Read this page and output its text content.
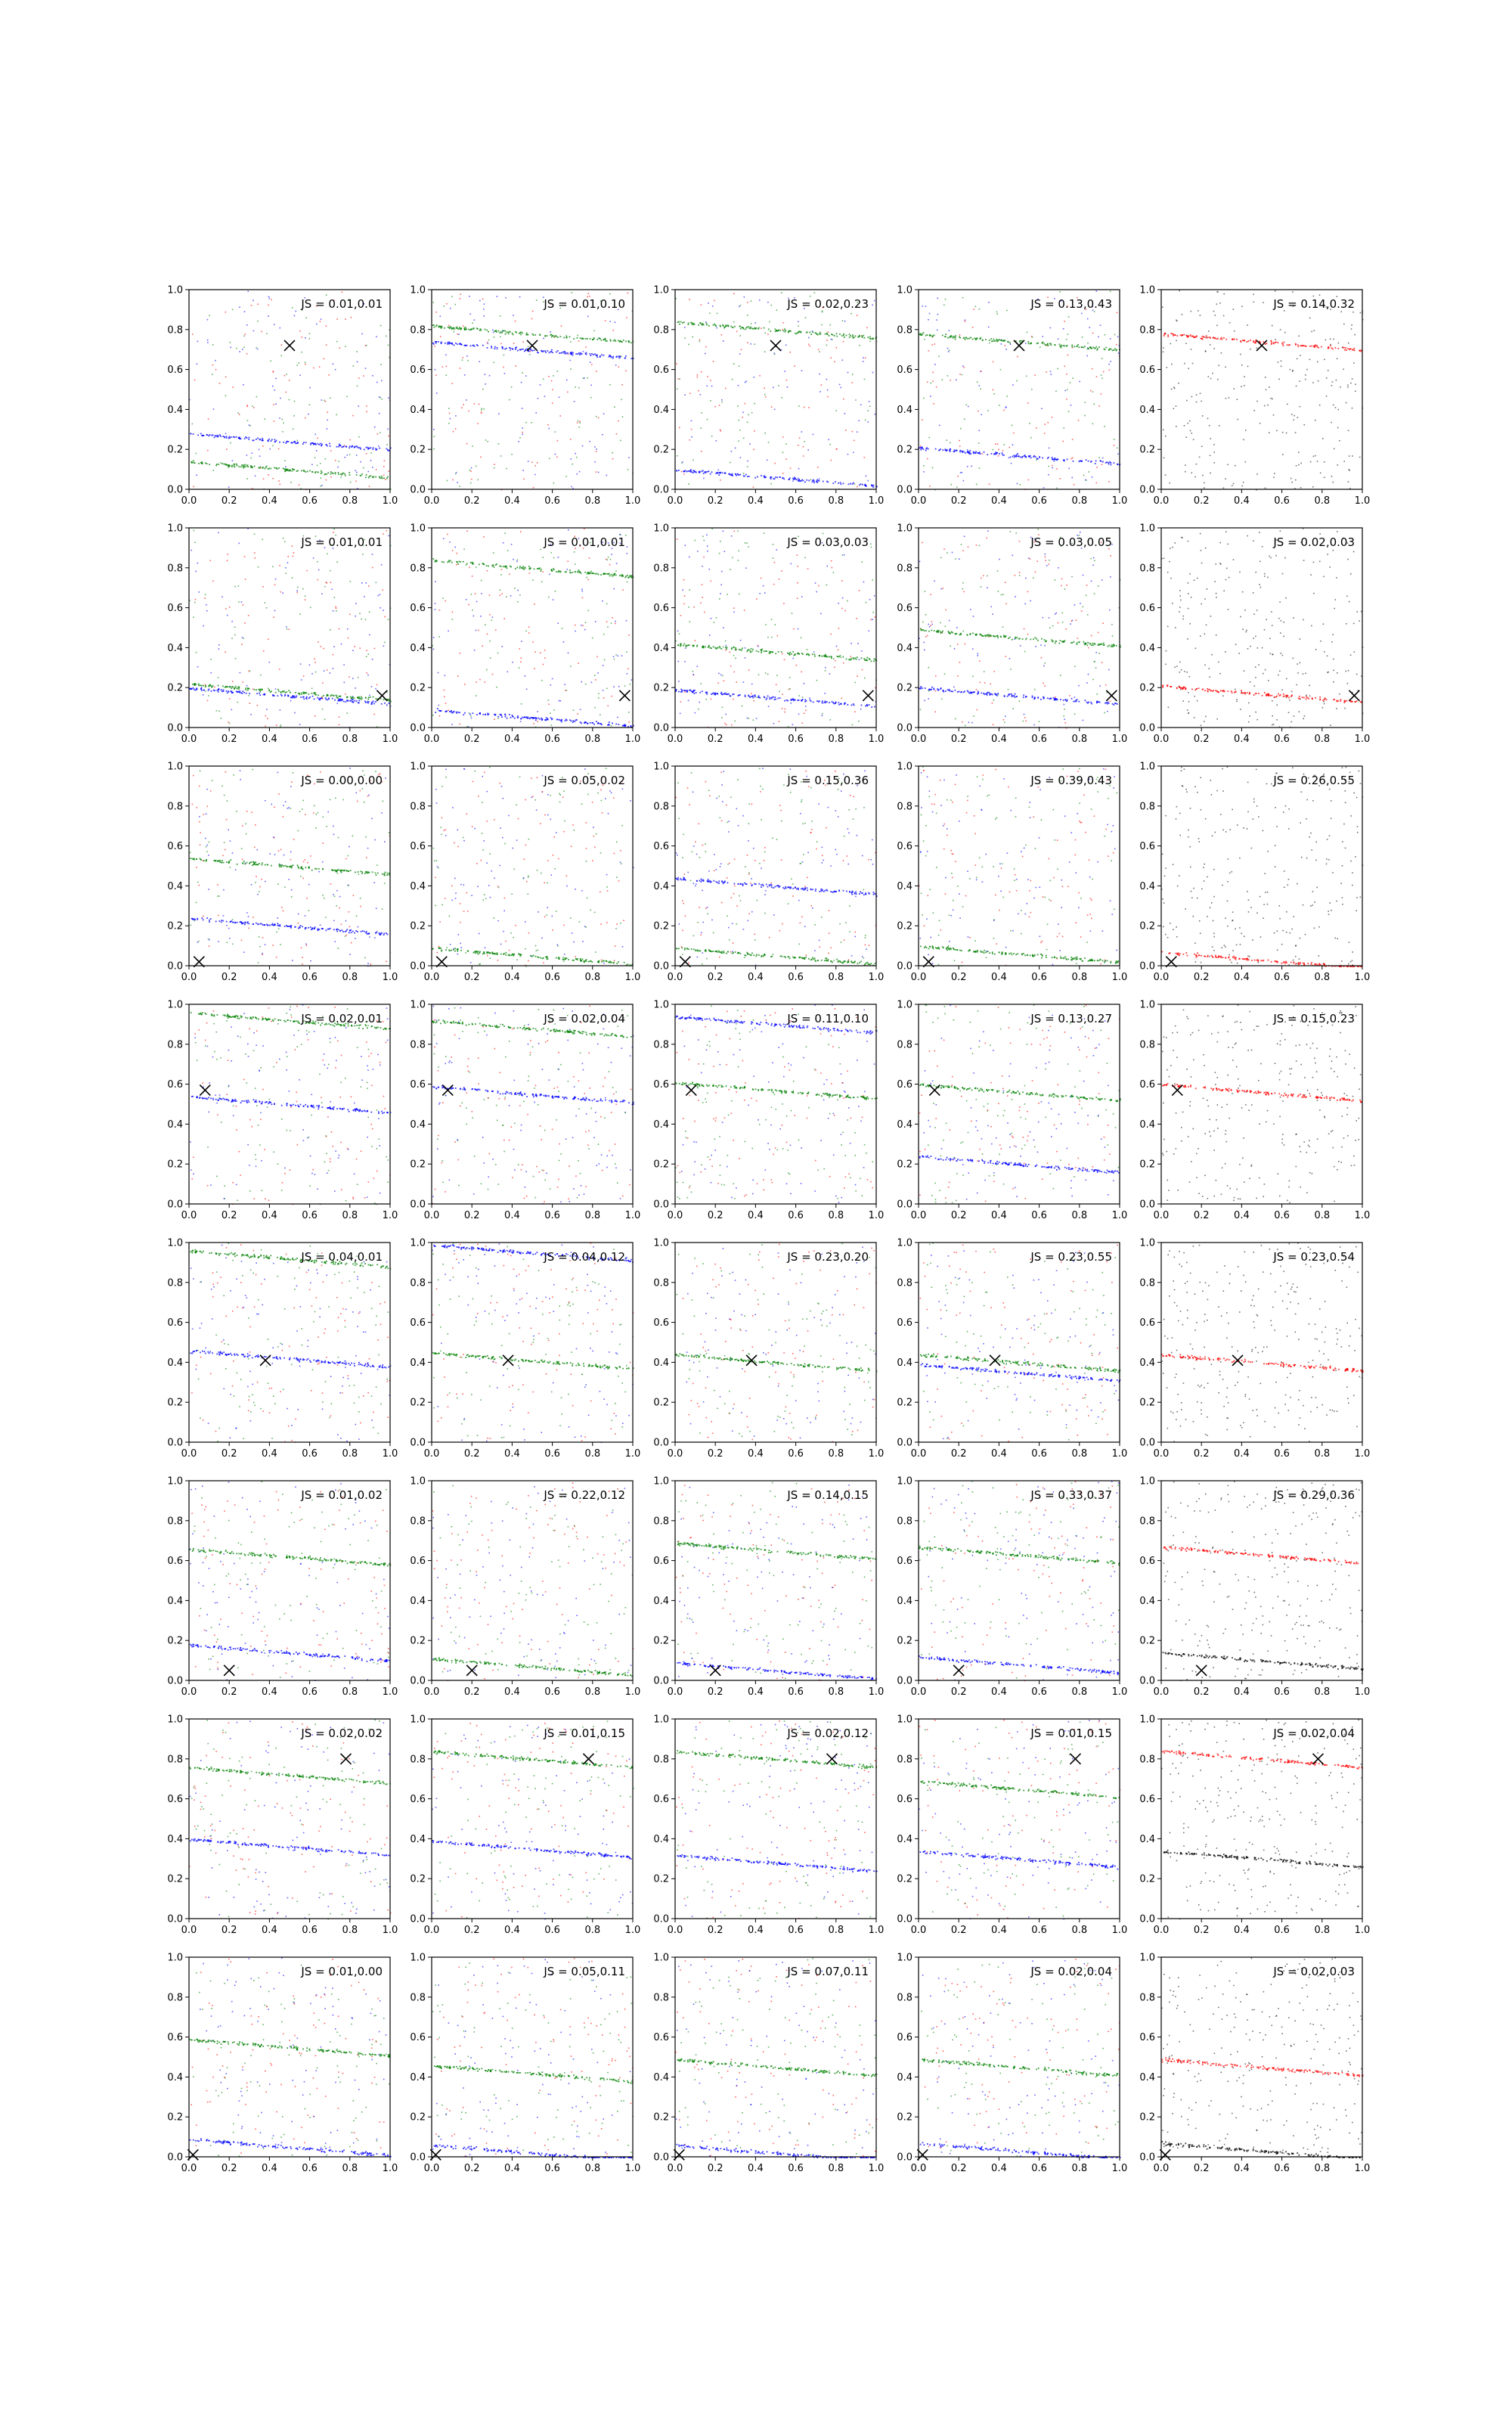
0.0	0.2	0.4	0.6	0.8	1.0
0.0
0.2
0.4
0.6
0.8
1.0
JS = 0.01,0.01
0.0	0.2	0.4	0.6	0.8	1.0
0.0
0.2
0.4
0.6
0.8
1.0
JS = 0.01,0.10
0.0	0.2	0.4	0.6	0.8	1.0
0.0
0.2
0.4
0.6
0.8
1.0
JS = 0.02,0.23
0.0	0.2	0.4	0.6	0.8	1.0
0.0
0.2
0.4
0.6
0.8
1.0
JS = 0.13,0.43
0.0	0.2	0.4	0.6	0.8	1.0
0.0
0.2
0.4
0.6
0.8
1.0
JS = 0.14,0.32
0.0	0.2	0.4	0.6	0.8	1.0
0.0
0.2
0.4
0.6
0.8
1.0
JS = 0.01,0.01
0.0	0.2	0.4	0.6	0.8	1.0
0.0
0.2
0.4
0.6
0.8
1.0
JS = 0.01,0.01
0.0	0.2	0.4	0.6	0.8	1.0
0.0
0.2
0.4
0.6
0.8
1.0
JS = 0.03,0.03
0.0	0.2	0.4	0.6	0.8	1.0
0.0
0.2
0.4
0.6
0.8
1.0
JS = 0.03,0.05
0.0	0.2	0.4	0.6	0.8	1.0
0.0
0.2
0.4
0.6
0.8
1.0
JS = 0.02,0.03
0.0	0.2	0.4	0.6	0.8	1.0
0.0
0.2
0.4
0.6
0.8
1.0
JS = 0.00,0.00
0.0	0.2	0.4	0.6	0.8	1.0
0.0
0.2
0.4
0.6
0.8
1.0
JS = 0.05,0.02
0.0	0.2	0.4	0.6	0.8	1.0
0.0
0.2
0.4
0.6
0.8
1.0
JS = 0.15,0.36
0.0	0.2	0.4	0.6	0.8	1.0
0.0
0.2
0.4
0.6
0.8
1.0
JS = 0.39,0.43
0.0	0.2	0.4	0.6	0.8	1.0
0.0
0.2
0.4
0.6
0.8
1.0
JS = 0.26,0.55
0.0	0.2	0.4	0.6	0.8	1.0
0.0
0.2
0.4
0.6
0.8
1.0
JS = 0.02,0.01
0.0	0.2	0.4	0.6	0.8	1.0
0.0
0.2
0.4
0.6
0.8
1.0
JS = 0.02,0.04
0.0	0.2	0.4	0.6	0.8	1.0
0.0
0.2
0.4
0.6
0.8
1.0
JS = 0.11,0.10
0.0	0.2	0.4	0.6	0.8	1.0
0.0
0.2
0.4
0.6
0.8
1.0
JS = 0.13,0.27
0.0	0.2	0.4	0.6	0.8	1.0
0.0
0.2
0.4
0.6
0.8
1.0
JS = 0.15,0.23
0.0	0.2	0.4	0.6	0.8	1.0
0.0
0.2
0.4
0.6
0.8
1.0
JS = 0.04,0.01
0.0	0.2	0.4	0.6	0.8	1.0
0.0
0.2
0.4
0.6
0.8
1.0
JS = 0.04,0.12
0.0	0.2	0.4	0.6	0.8	1.0
0.0
0.2
0.4
0.6
0.8
1.0
JS = 0.23,0.20
0.0	0.2	0.4	0.6	0.8	1.0
0.0
0.2
0.4
0.6
0.8
1.0
JS = 0.23,0.55
0.0	0.2	0.4	0.6	0.8	1.0
0.0
0.2
0.4
0.6
0.8
1.0
JS = 0.23,0.54
0.0	0.2	0.4	0.6	0.8	1.0
0.0
0.2
0.4
0.6
0.8
1.0
JS = 0.01,0.02
0.0	0.2	0.4	0.6	0.8	1.0
0.0
0.2
0.4
0.6
0.8
1.0
JS = 0.22,0.12
0.0	0.2	0.4	0.6	0.8	1.0
0.0
0.2
0.4
0.6
0.8
1.0
JS = 0.14,0.15
0.0	0.2	0.4	0.6	0.8	1.0
0.0
0.2
0.4
0.6
0.8
1.0
JS = 0.33,0.37
0.0	0.2	0.4	0.6	0.8	1.0
0.0
0.2
0.4
0.6
0.8
1.0
JS = 0.29,0.36
0.0	0.2	0.4	0.6	0.8	1.0
0.0
0.2
0.4
0.6
0.8
1.0
JS = 0.02,0.02
0.0	0.2	0.4	0.6	0.8	1.0
0.0
0.2
0.4
0.6
0.8
1.0
JS = 0.01,0.15
0.0	0.2	0.4	0.6	0.8	1.0
0.0
0.2
0.4
0.6
0.8
1.0
JS = 0.02,0.12
0.0	0.2	0.4	0.6	0.8	1.0
0.0
0.2
0.4
0.6
0.8
1.0
JS = 0.01,0.15
0.0	0.2	0.4	0.6	0.8	1.0
0.0
0.2
0.4
0.6
0.8
1.0
JS = 0.02,0.04
0.0	0.2	0.4	0.6	0.8	1.0
0.0
0.2
0.4
0.6
0.8
1.0
JS = 0.01,0.00
0.0	0.2	0.4	0.6	0.8	1.0
0.0
0.2
0.4
0.6
0.8
1.0
JS = 0.05,0.11
0.0	0.2	0.4	0.6	0.8	1.0
0.0
0.2
0.4
0.6
0.8
1.0
JS = 0.07,0.11
0.0	0.2	0.4	0.6	0.8	1.0
0.0
0.2
0.4
0.6
0.8
1.0
JS = 0.02,0.04
0.0	0.2	0.4	0.6	0.8	1.0
0.0
0.2
0.4
0.6
0.8
1.0
JS = 0.02,0.03
